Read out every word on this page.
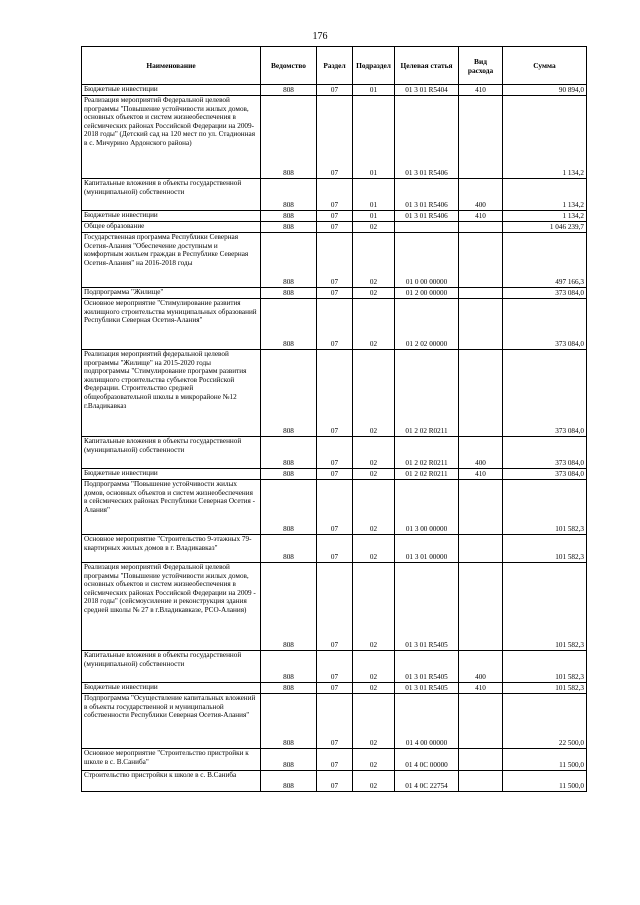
176
Наименование	Ведомство	Раздел	Подраздел	Целевая статья	Вид расхода	Сумма
Бюджетные инвестиции	808	07	01	01 3 01 R5404	410	90 894,0
Реализация мероприятий Федеральной целевой программы "Повышение устойчивости жилых домов, основных объектов и систем жизнеобеспечения в сейсмических районах Российской Федерации на 2009-2018 годы" (Детский сад на 120 мест по ул. Стадионная в с. Мичурино Ардонского района)	808	07	01	01 3 01 R5406		1 134,2
Капитальные вложения в объекты государственной (муниципальной) собственности	808	07	01	01 3 01 R5406	400	1 134,2
Бюджетные инвестиции	808	07	01	01 3 01 R5406	410	1 134,2
Общее образование	808	07	02			1 046 239,7
Государственная программа Республики Северная Осетия-Алания "Обеспечение доступным и комфортным жильем граждан в Республике Северная Осетия-Алания" на 2016-2018 годы	808	07	02	01 0 00 00000		497 166,3
Подпрограмма "Жилище"	808	07	02	01 2 00 00000		373 084,0
Основное мероприятие "Стимулирование развития жилищного строительства муниципальных образований Республики Северная Осетия-Алания"	808	07	02	01 2 02 00000		373 084,0
Реализация мероприятий федеральной целевой программы "Жилище" на 2015-2020 годы подпрограммы "Стимулирование программ развития жилищного строительства субъектов Российской Федерации. Строительство средней общеобразовательной школы в микрорайоне №12 г.Владикавказ	808	07	02	01 2 02 R0211		373 084,0
Капитальные вложения в объекты государственной (муниципальной) собственности	808	07	02	01 2 02 R0211	400	373 084,0
Бюджетные инвестиции	808	07	02	01 2 02 R0211	410	373 084,0
Подпрограмма "Повышение устойчивости жилых домов, основных объектов и систем жизнеобеспечения в сейсмических районах Республики Северная Осетия - Алания"	808	07	02	01 3 00 00000		101 582,3
Основное мероприятие "Строительство 9-этажных 79-квартирных жилых домов в г. Владикавказ"	808	07	02	01 3 01 00000		101 582,3
Реализация мероприятий Федеральной целевой программы "Повышение устойчивости жилых домов, основных объектов и систем жизнеобеспечения в сейсмических районах Российской Федерации на 2009 - 2018 годы" (сейсмоусиление и реконструкция здания средней школы № 27 в г.Владикавказе, РСО-Алания)	808	07	02	01 3 01 R5405		101 582,3
Капитальные вложения в объекты государственной (муниципальной) собственности	808	07	02	01 3 01 R5405	400	101 582,3
Бюджетные инвестиции	808	07	02	01 3 01 R5405	410	101 582,3
Подпрограмма "Осуществление капитальных вложений в объекты государственной и муниципальной собственности Республики Северная Осетия-Алания"	808	07	02	01 4 00 00000		22 500,0
Основное мероприятие "Строительство пристройки к школе в с. В.Саниба"	808	07	02	01 4 0С 00000		11 500,0
Строительство пристройки к школе в с. В.Саниба	808	07	02	01 4 0С 22754		11 500,0
